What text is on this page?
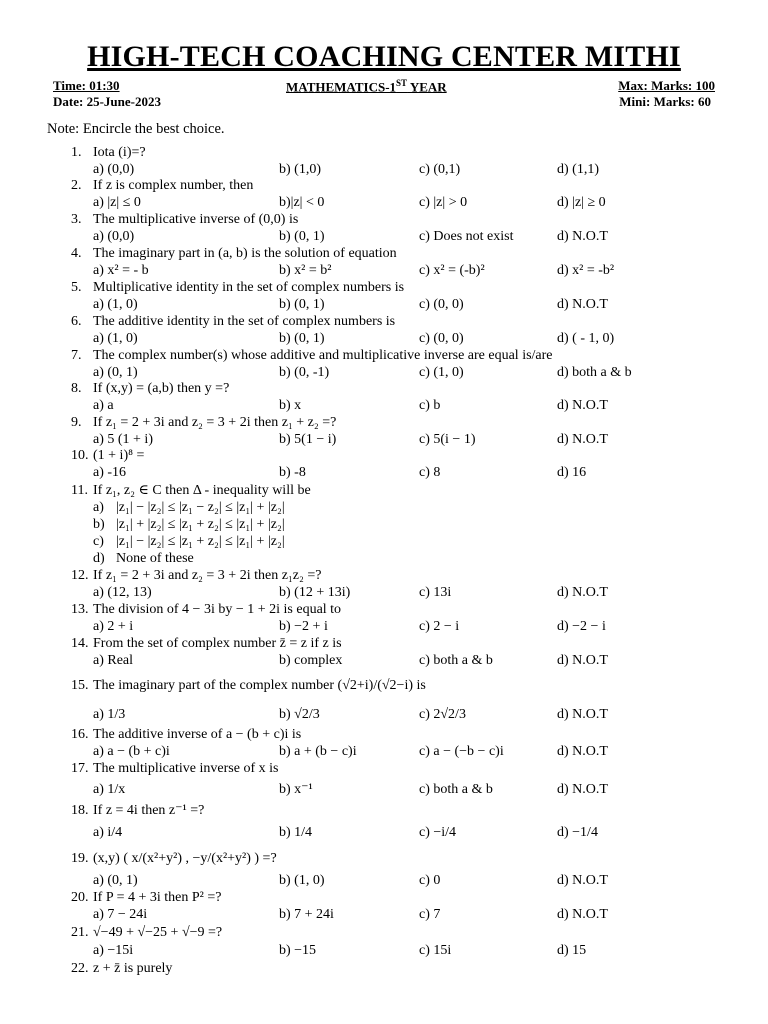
HIGH-TECH COACHING CENTER MITHI
Time: 01:30	MATHEMATICS-1ST YEAR	Max: Marks: 100
Date: 25-June-2023	Mini: Marks: 60
Note: Encircle the best choice.
1. Iota (i)=?
a) (0,0)	b) (1,0)	c) (0,1)	d) (1,1)
2. If z is complex number, then
a) |z| ≤ 0	b)|z| < 0	c) |z| > 0	d) |z| ≥ 0
3. The multiplicative inverse of (0,0) is
a) (0,0)	b) (0, 1)	c) Does not exist	d) N.O.T
4. The imaginary part in (a, b) is the solution of equation
a) x² = - b	b) x² = b²	c) x² = (-b)²	d) x² = -b²
5. Multiplicative identity in the set of complex numbers is
a) (1, 0)	b) (0, 1)	c) (0, 0)	d) N.O.T
6. The additive identity in the set of complex numbers is
a) (1, 0)	b) (0, 1)	c) (0, 0)	d) ( - 1, 0)
7. The complex number(s) whose additive and multiplicative inverse are equal is/are
a) (0, 1)	b) (0, -1)	c) (1, 0)	d) both a & b
8. If (x,y) = (a,b) then y =?
a) a	b) x	c) b	d) N.O.T
9. If z₁ = 2 + 3i and z₂ = 3 + 2i then z₁ + z₂ =?
a) 5 (1 + i)	b) 5(1 − i)	c) 5(i − 1)	d) N.O.T
10. (1 + i)⁸ =
a) -16	b) -8	c) 8	d) 16
11. If z₁, z₂ ∈ C then Δ - inequality will be
a) |z₁| − |z₂| ≤ |z₁ − z₂| ≤ |z₁| + |z₂|
b) |z₁| + |z₂| ≤ |z₁ + z₂| ≤ |z₁| + |z₂|
c) |z₁| − |z₂| ≤ |z₁ + z₂| ≤ |z₁| + |z₂|
d) None of these
12. If z₁ = 2 + 3i and z₂ = 3 + 2i then z₁z₂ =?
a) (12, 13)	b) (12 + 13i)	c) 13i	d) N.O.T
13. The division of 4 − 3i by − 1 + 2i is equal to
a) 2 + i	b) −2 + i	c) 2 − i	d) −2 − i
14. From the set of complex number z̄ = z if z is
a) Real	b) complex	c) both a & b	d) N.O.T
15. The imaginary part of the complex number (√2+i)/(√2−i) is
a) 1/3	b) √2/3	c) 2√2/3	d) N.O.T
16. The additive inverse of a − (b + c)i is
a) a − (b + c)i	b) a + (b − c)i	c) a − (−b − c)i	d) N.O.T
17. The multiplicative inverse of x is
a) 1/x	b) x⁻¹	c) both a & b	d) N.O.T
18. If z = 4i then z⁻¹ =?
a) i/4	b) 1/4	c) −i/4	d) −1/4
19. (x,y) ( x/(x²+y²) , −y/(x²+y²) ) =?
a) (0, 1)	b) (1, 0)	c) 0	d) N.O.T
20. If P = 4 + 3i then P² =?
a) 7 − 24i	b) 7 + 24i	c) 7	d) N.O.T
21. √−49 + √−25 + √−9 =?
a) −15i	b) −15	c) 15i	d) 15
22. z + z̄ is purely
